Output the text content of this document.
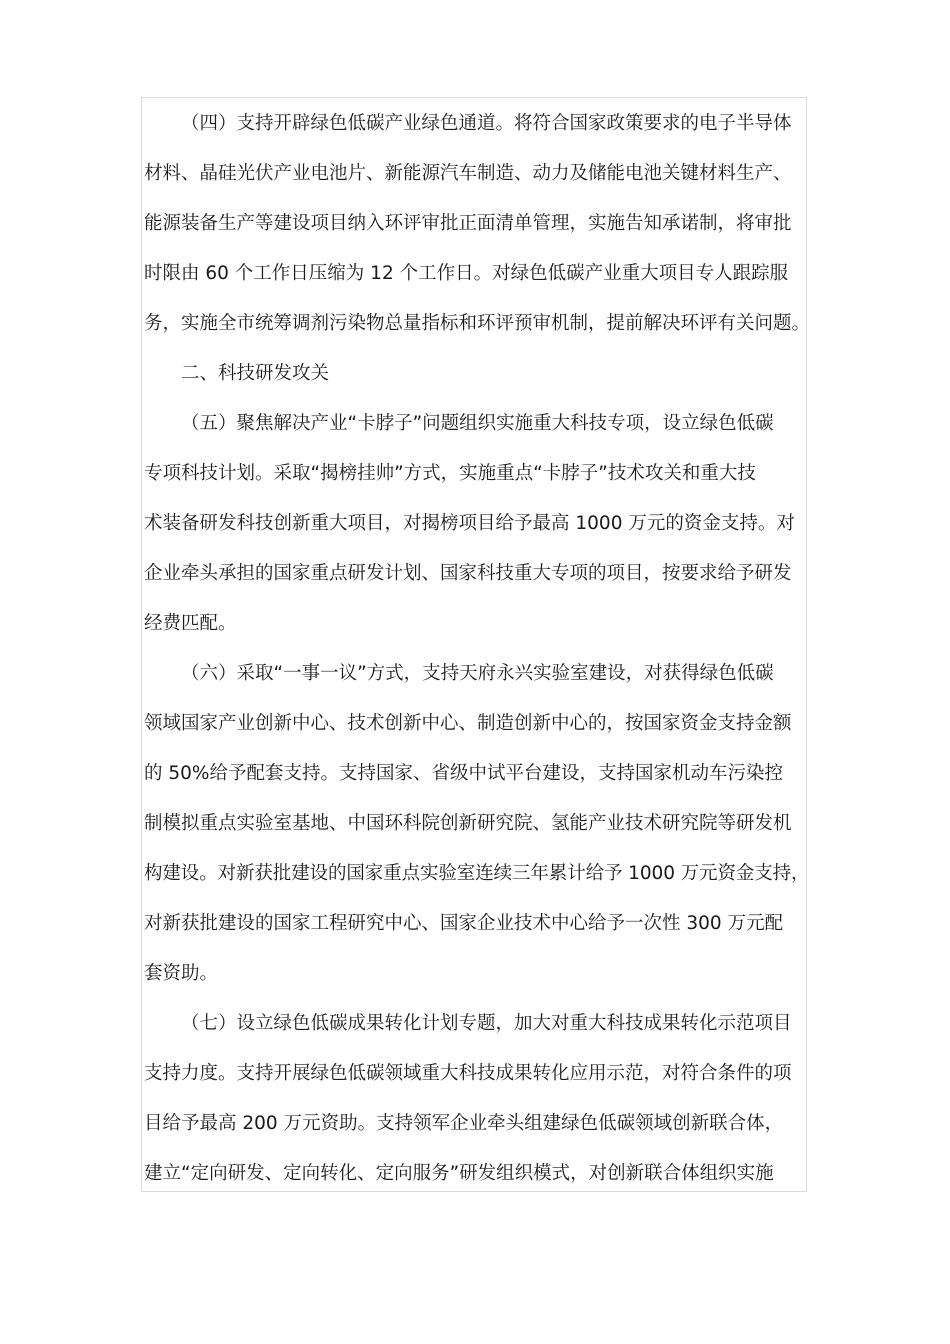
（四）支持开辟绿色低碳产业绿色通道。将符合国家政策要求的电子半导体
材料、晶硅光伏产业电池片、新能源汽车制造、动力及储能电池关键材料生产、
能源装备生产等建设项目纳入环评审批正面清单管理，实施告知承诺制，将审批
时限由 60 个工作日压缩为 12 个工作日。对绿色低碳产业重大项目专人跟踪服
务，实施全市统筹调剂污染物总量指标和环评预审机制，提前解决环评有关问题。
二、科技研发攻关
（五）聚焦解决产业“卡脖子”问题组织实施重大科技专项，设立绿色低碳
专项科技计划。采取“揭榜挂帅”方式，实施重点“卡脖子”技术攻关和重大技
术装备研发科技创新重大项目，对揭榜项目给予最高 1000 万元的资金支持。对
企业牵头承担的国家重点研发计划、国家科技重大专项的项目，按要求给予研发
经费匹配。
（六）采取“一事一议”方式，支持天府永兴实验室建设，对获得绿色低碳
领域国家产业创新中心、技术创新中心、制造创新中心的，按国家资金支持金额
的 50%给予配套支持。支持国家、省级中试平台建设，支持国家机动车污染控
制模拟重点实验室基地、中国环科院创新研究院、氢能产业技术研究院等研发机
构建设。对新获批建设的国家重点实验室连续三年累计给予 1000 万元资金支持，
对新获批建设的国家工程研究中心、国家企业技术中心给予一次性 300 万元配
套资助。
（七）设立绿色低碳成果转化计划专题，加大对重大科技成果转化示范项目
支持力度。支持开展绿色低碳领域重大科技成果转化应用示范，对符合条件的项
目给予最高 200 万元资助。支持领军企业牵头组建绿色低碳领域创新联合体，
建立“定向研发、定向转化、定向服务”研发组织模式，对创新联合体组织实施
